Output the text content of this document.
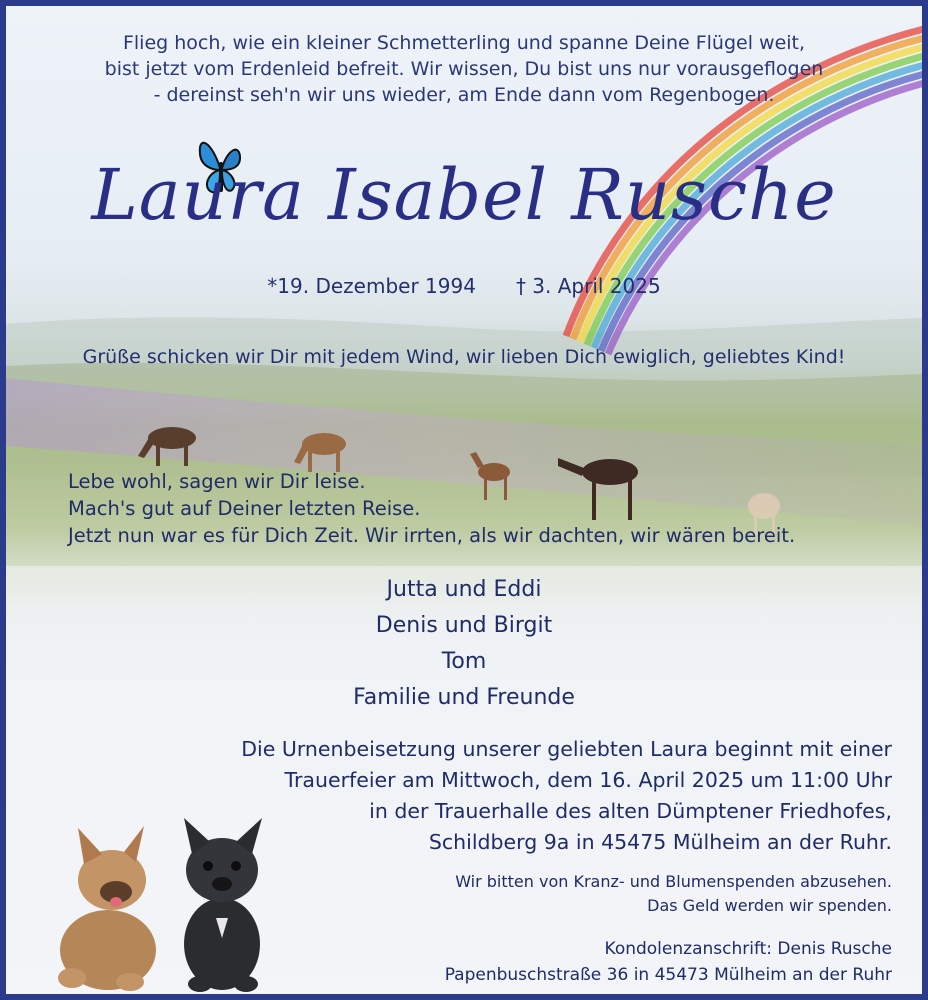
Flieg hoch, wie ein kleiner Schmetterling und spanne Deine Flügel weit,
bist jetzt vom Erdenleid befreit. Wir wissen, Du bist uns nur vorausgeflogen
- dereinst seh'n wir uns wieder, am Ende dann vom Regenbogen.
Laura Isabel Rusche
*19. Dezember 1994 † 3. April 2025
Grüße schicken wir Dir mit jedem Wind, wir lieben Dich ewiglich, geliebtes Kind!
Lebe wohl, sagen wir Dir leise.
Mach's gut auf Deiner letzten Reise.
Jetzt nun war es für Dich Zeit. Wir irrten, als wir dachten, wir wären bereit.
Jutta und Eddi
Denis und Birgit
Tom
Familie und Freunde
Die Urnenbeisetzung unserer geliebten Laura beginnt mit einer
Trauerfeier am Mittwoch, dem 16. April 2025 um 11:00 Uhr
in der Trauerhalle des alten Dümptener Friedhofes,
Schildberg 9a in 45475 Mülheim an der Ruhr.
Wir bitten von Kranz- und Blumenspenden abzusehen.
Das Geld werden wir spenden.
Kondolenzanschrift: Denis Rusche
Papenbuschstraße 36 in 45473 Mülheim an der Ruhr
